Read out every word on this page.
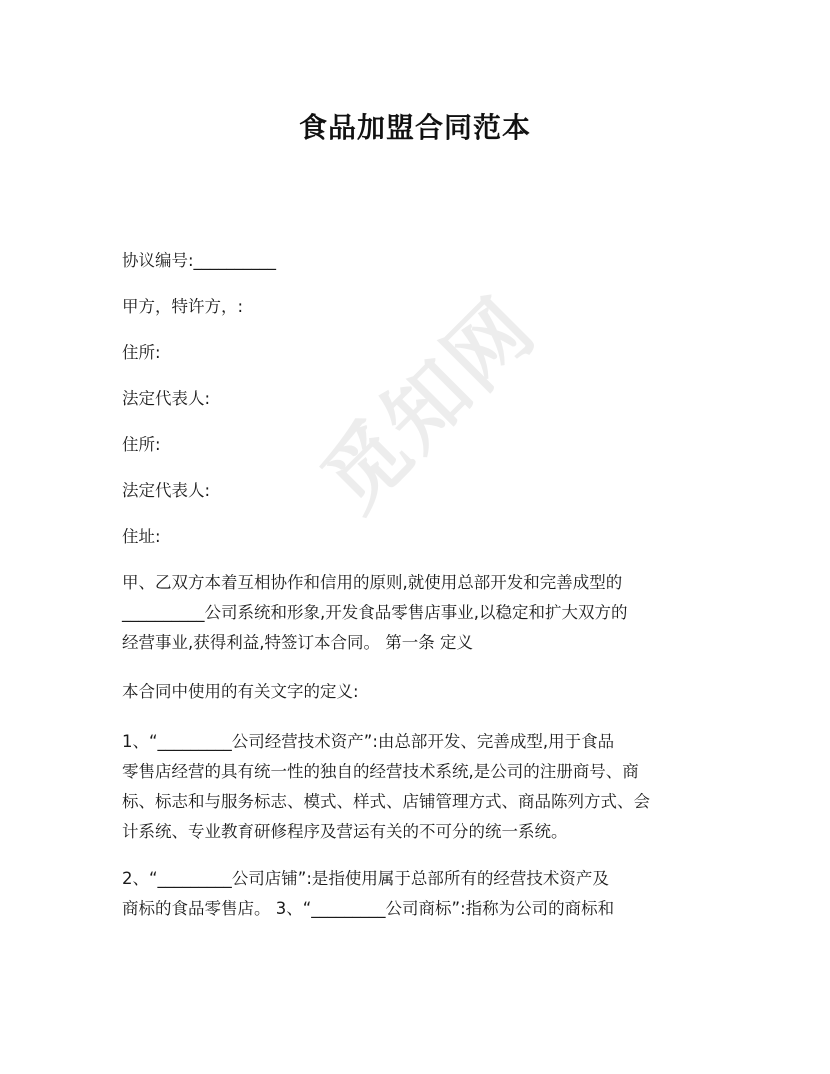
觅知网
食品加盟合同范本
协议编号:__________
甲方，特许方，:
住所:
法定代表人:
住所:
法定代表人:
住址:
甲、乙双方本着互相协作和信用的原则,就使用总部开发和完善成型的
__________公司系统和形象,开发食品零售店事业,以稳定和扩大双方的
经营事业,获得利益,特签订本合同。 第一条 定义
本合同中使用的有关文字的定义:
1、“_________公司经营技术资产”:由总部开发、完善成型,用于食品
零售店经营的具有统一性的独自的经营技术系统,是公司的注册商号、商
标、标志和与服务标志、模式、样式、店铺管理方式、商品陈列方式、会
计系统、专业教育研修程序及营运有关的不可分的统一系统。
2、“_________公司店铺”:是指使用属于总部所有的经营技术资产及
商标的食品零售店。 3、“_________公司商标”:指称为公司的商标和
